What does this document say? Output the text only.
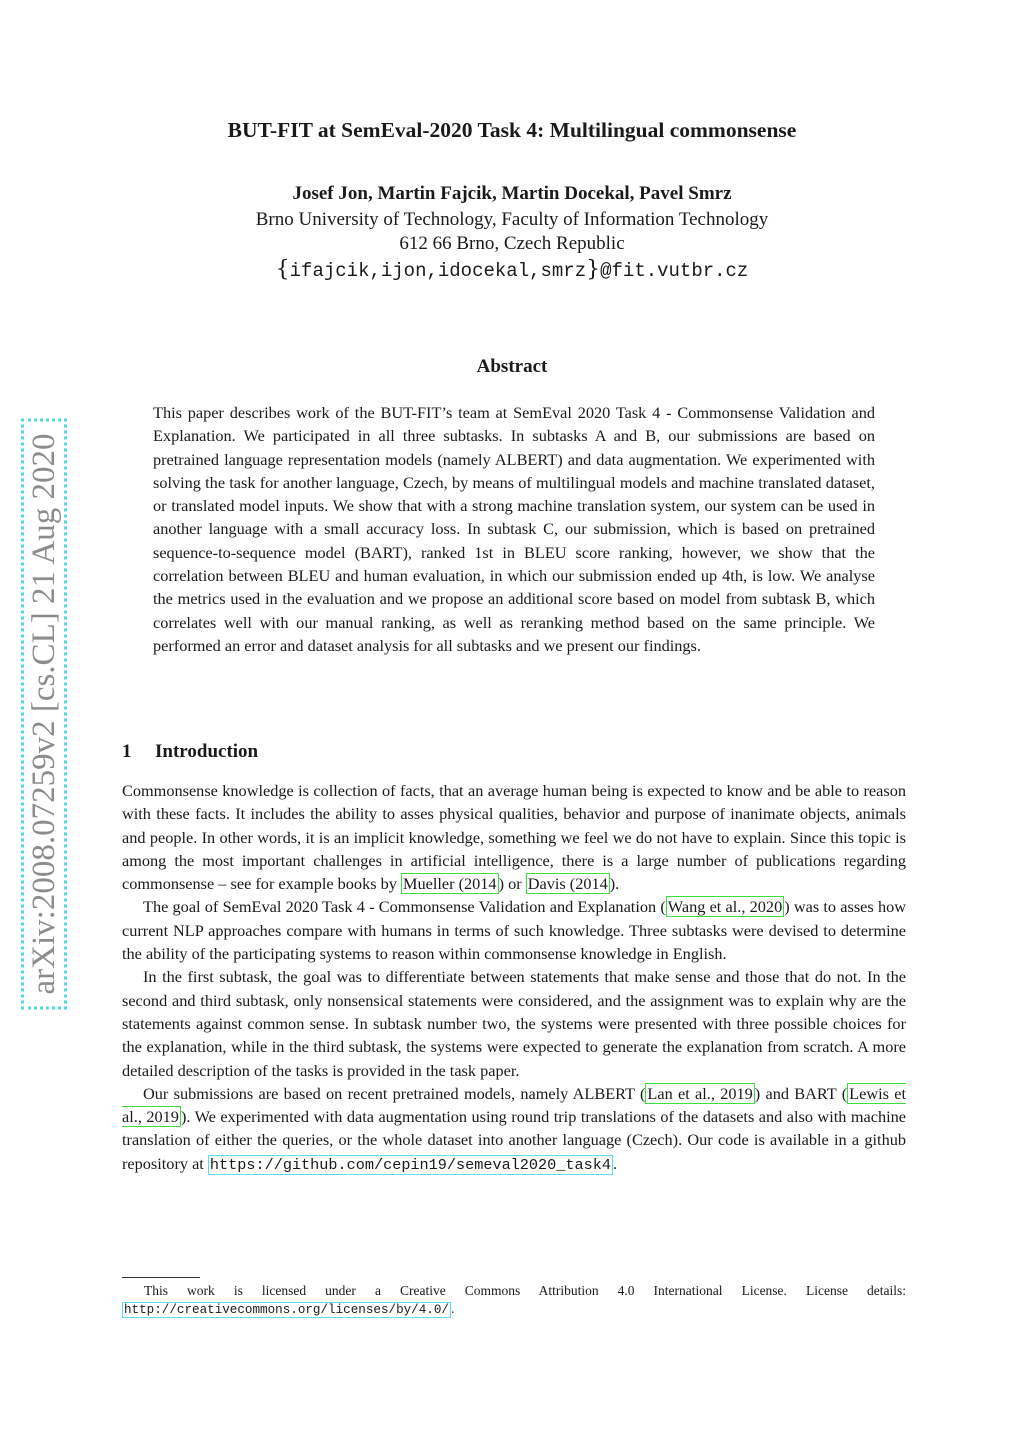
arXiv:2008.07259v2 [cs.CL] 21 Aug 2020
BUT-FIT at SemEval-2020 Task 4: Multilingual commonsense
Josef Jon, Martin Fajcik, Martin Docekal, Pavel Smrz
Brno University of Technology, Faculty of Information Technology
612 66 Brno, Czech Republic
{ifajcik,ijon,idocekal,smrz}@fit.vutbr.cz
Abstract
This paper describes work of the BUT-FIT’s team at SemEval 2020 Task 4 - Commonsense Validation and Explanation. We participated in all three subtasks. In subtasks A and B, our submissions are based on pretrained language representation models (namely ALBERT) and data augmentation. We experimented with solving the task for another language, Czech, by means of multilingual models and machine translated dataset, or translated model inputs. We show that with a strong machine translation system, our system can be used in another language with a small accuracy loss. In subtask C, our submission, which is based on pretrained sequence-to-sequence model (BART), ranked 1st in BLEU score ranking, however, we show that the correlation between BLEU and human evaluation, in which our submission ended up 4th, is low. We analyse the metrics used in the evaluation and we propose an additional score based on model from subtask B, which correlates well with our manual ranking, as well as reranking method based on the same principle. We performed an error and dataset analysis for all subtasks and we present our findings.
1 Introduction

Commonsense knowledge is collection of facts, that an average human being is expected to know and be able to reason with these facts. It includes the ability to asses physical qualities, behavior and purpose of inanimate objects, animals and people. In other words, it is an implicit knowledge, something we feel we do not have to explain. Since this topic is among the most important challenges in artificial intelligence, there is a large number of publications regarding commonsense – see for example books by Mueller (2014 ) or Davis (2014 ).

The goal of SemEval 2020 Task 4 - Commonsense Validation and Explanation ( Wang et al., 2020 ) was to asses how current NLP approaches compare with humans in terms of such knowledge. Three subtasks were devised to determine the ability of the participating systems to reason within commonsense knowledge in English.

In the first subtask, the goal was to differentiate between statements that make sense and those that do not. In the second and third subtask, only nonsensical statements were considered, and the assignment was to explain why are the statements against common sense. In subtask number two, the systems were presented with three possible choices for the explanation, while in the third subtask, the systems were expected to generate the explanation from scratch. A more detailed description of the tasks is provided in the task paper.

Our submissions are based on recent pretrained models, namely ALBERT ( Lan et al., 2019 ) and BART ( Lewis et al., 2019 ). We experimented with data augmentation using round trip translations of the datasets and also with machine translation of either the queries, or the whole dataset into another language (Czech). Our code is available in a github repository at https://github.com/cepin19/semeval2020_task4 .

This work is licensed under a Creative Commons Attribution 4.0 International License. License details: http://creativecommons.org/licenses/by/4.0/ .
